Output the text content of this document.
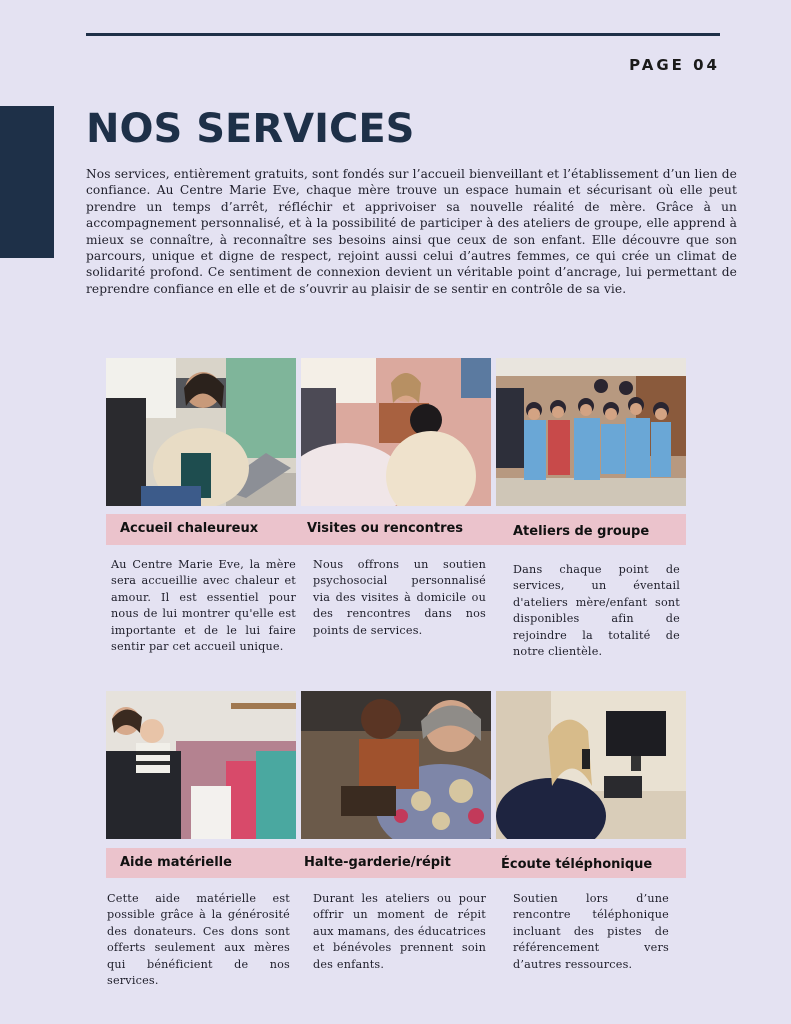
PAGE 04
NOS SERVICES

Nos services, entièrement gratuits, sont fondés sur l’accueil bienveillant et l’établissement d’un lien de confiance. Au Centre Marie Eve, chaque mère trouve un espace humain et sécurisant où elle peut prendre un temps d’arrêt, réfléchir et apprivoiser sa nouvelle réalité de mère. Grâce à un accompagnement personnalisé, et à la possibilité de participer à des ateliers de groupe, elle apprend à mieux se connaître, à reconnaître ses besoins ainsi que ceux de son enfant. Elle découvre que son parcours, unique et digne de respect, rejoint aussi celui d’autres femmes, ce qui crée un climat de solidarité profond. Ce sentiment de connexion devient un véritable point d’ancrage, lui permettant de reprendre confiance en elle et de s’ouvrir au plaisir de se sentir en contrôle de sa vie.

Accueil chaleureux	Visites ou rencontres	Ateliers de groupe

Au Centre Marie Eve, la mère sera accueillie avec chaleur et amour. Il est essentiel pour nous de lui montrer qu'elle est importante et de le lui faire sentir par cet accueil unique.

Nous offrons un soutien psychosocial personnalisé via des visites à domicile ou des rencontres dans nos points de services.

Dans chaque point de services, un éventail d'ateliers mère/enfant sont disponibles afin de rejoindre la totalité de notre clientèle.

Aide matérielle	Halte-garderie/répit	Écoute téléphonique

Cette aide matérielle est possible grâce à la générosité des donateurs. Ces dons sont offerts seulement aux mères qui bénéficient de nos services.

Durant les ateliers ou pour offrir un moment de répit aux mamans, des éducatrices et bénévoles prennent soin des enfants.

Soutien lors d’une rencontre téléphonique incluant des pistes de référencement vers d’autres ressources.
